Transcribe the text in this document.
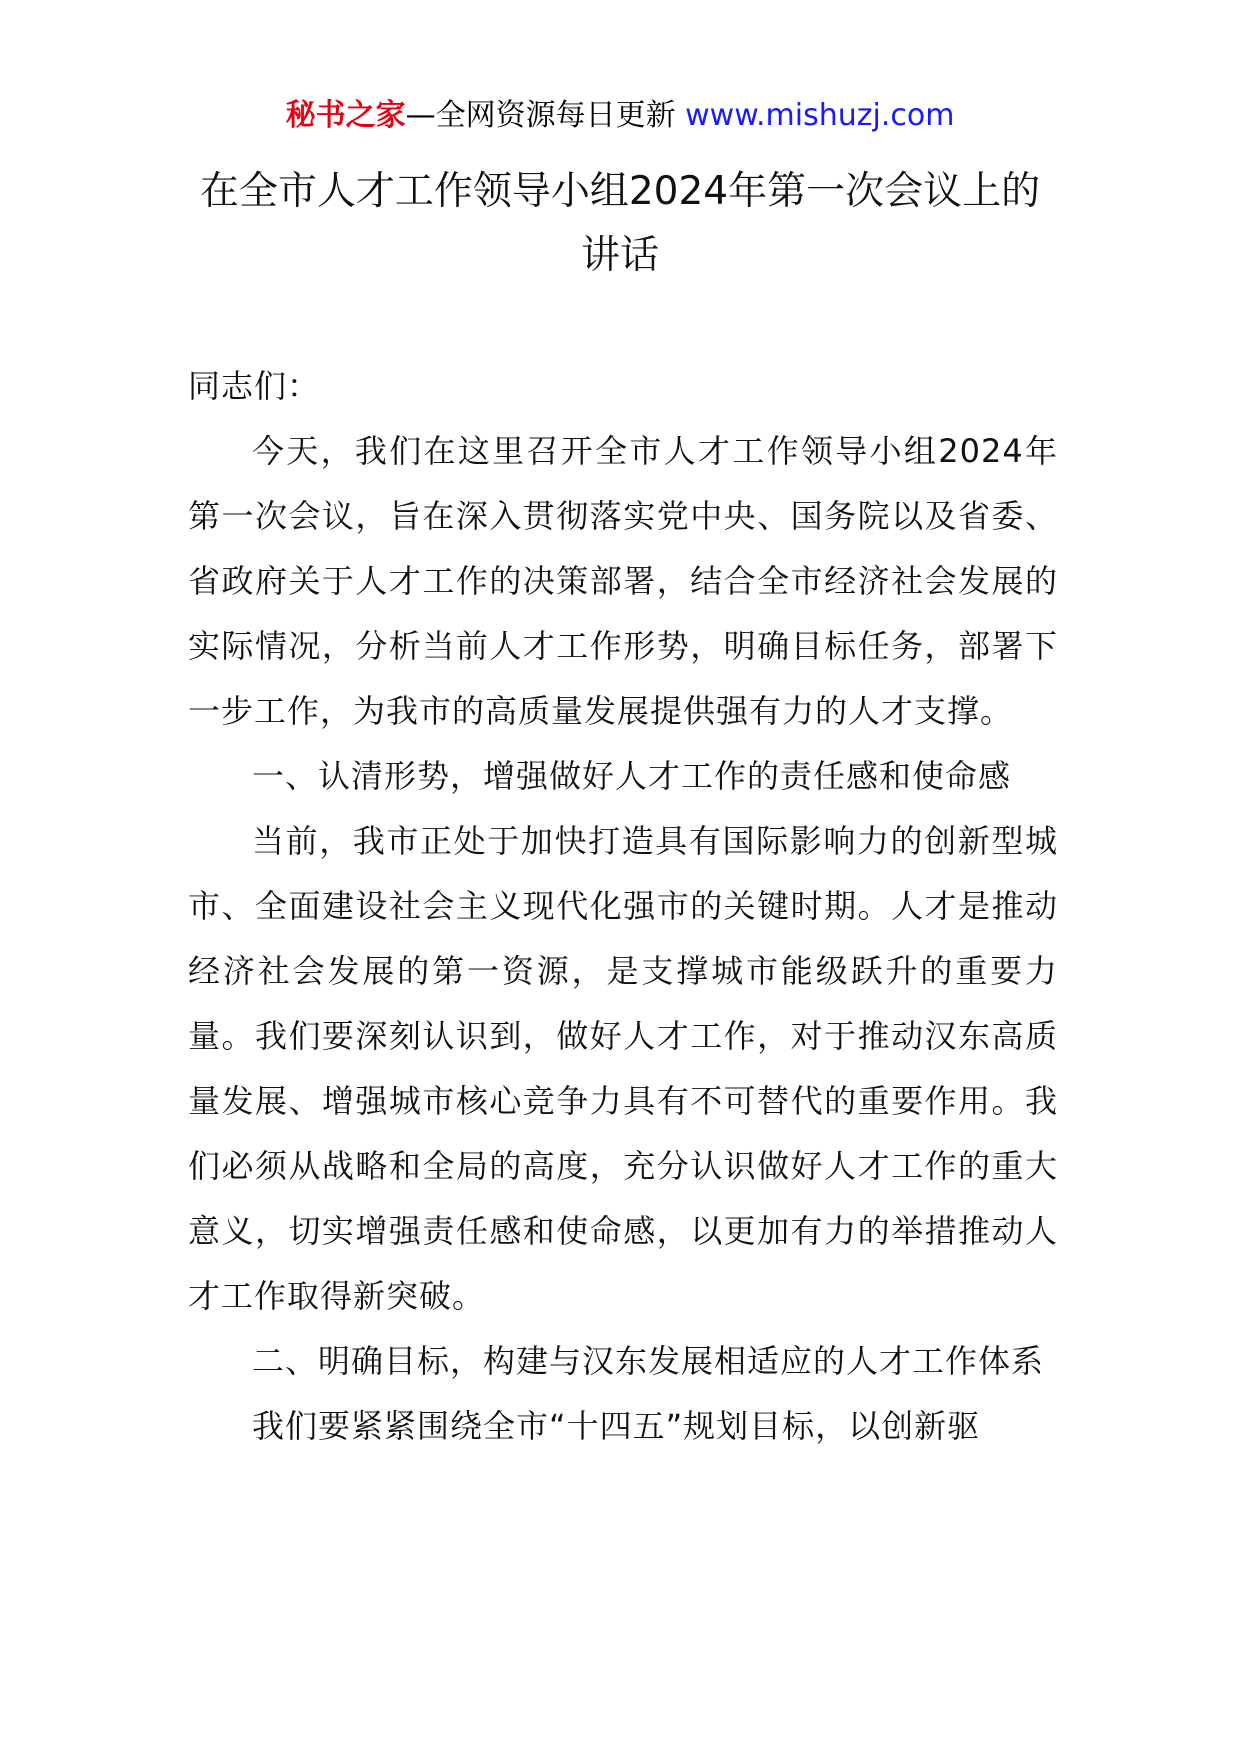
秘书之家—全网资源每日更新 www.mishuzj.com
在全市人才工作领导小组2024年第一次会议上的讲话

同志们：

今天，我们在这里召开全市人才工作领导小组2024年第一次会议，旨在深入贯彻落实党中央、国务院以及省委、省政府关于人才工作的决策部署，结合全市经济社会发展的实际情况，分析当前人才工作形势，明确目标任务，部署下一步工作，为我市的高质量发展提供强有力的人才支撑。

一、认清形势，增强做好人才工作的责任感和使命感

当前，我市正处于加快打造具有国际影响力的创新型城市、全面建设社会主义现代化强市的关键时期。人才是推动经济社会发展的第一资源，是支撑城市能级跃升的重要力量。我们要深刻认识到，做好人才工作，对于推动汉东高质量发展、增强城市核心竞争力具有不可替代的重要作用。我们必须从战略和全局的高度，充分认识做好人才工作的重大意义，切实增强责任感和使命感，以更加有力的举措推动人才工作取得新突破。

二、明确目标，构建与汉东发展相适应的人才工作体系

我们要紧紧围绕全市“十四五”规划目标，以创新驱
